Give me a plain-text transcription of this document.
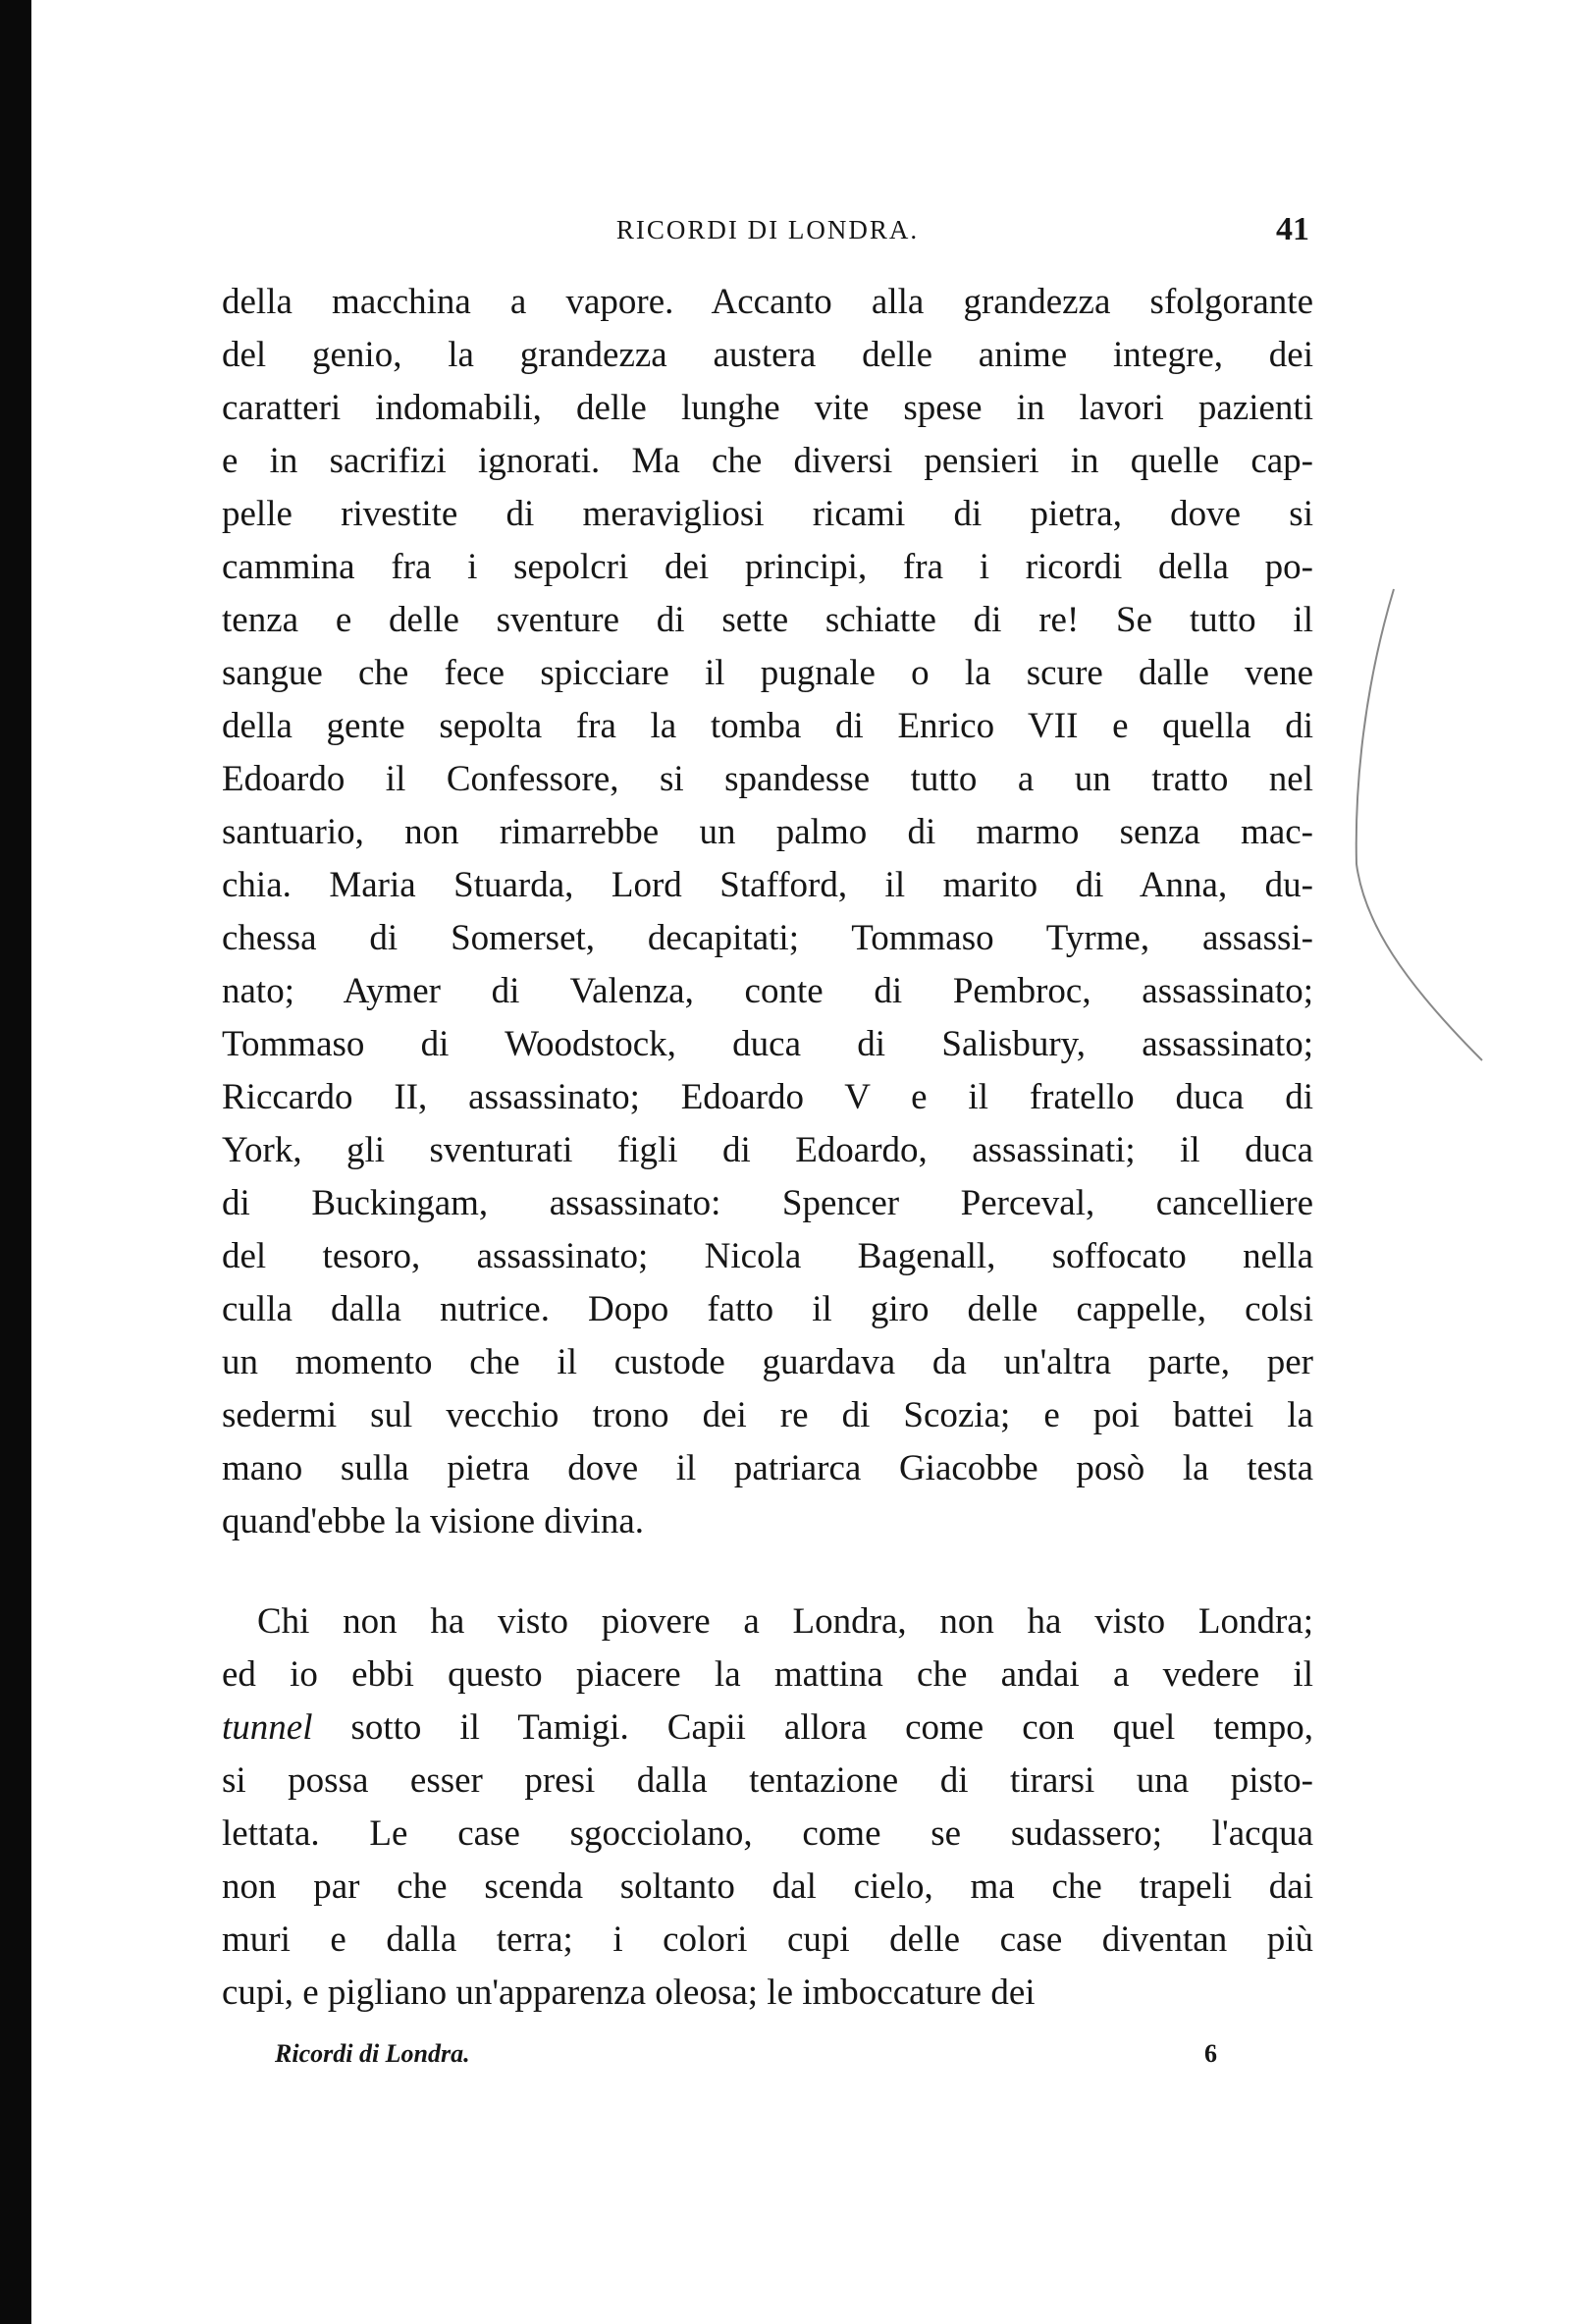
RICORDI DI LONDRA.	41
della macchina a vapore. Accanto alla grandezza sfolgorante
del genio, la grandezza austera delle anime integre, dei
caratteri indomabili, delle lunghe vite spese in lavori pazienti
e in sacrifizi ignorati. Ma che diversi pensieri in quelle cap-
pelle rivestite di meravigliosi ricami di pietra, dove si
cammina fra i sepolcri dei principi, fra i ricordi della po-
tenza e delle sventure di sette schiatte di re! Se tutto il
sangue che fece spicciare il pugnale o la scure dalle vene
della gente sepolta fra la tomba di Enrico VII e quella di
Edoardo il Confessore, si spandesse tutto a un tratto nel
santuario, non rimarrebbe un palmo di marmo senza mac-
chia. Maria Stuarda, Lord Stafford, il marito di Anna, du-
chessa di Somerset, decapitati; Tommaso Tyrme, assassi-
nato; Aymer di Valenza, conte di Pembroc, assassinato;
Tommaso di Woodstock, duca di Salisbury, assassinato;
Riccardo II, assassinato; Edoardo V e il fratello duca di
York, gli sventurati figli di Edoardo, assassinati; il duca
di Buckingam, assassinato: Spencer Perceval, cancelliere
del tesoro, assassinato; Nicola Bagenall, soffocato nella
culla dalla nutrice. Dopo fatto il giro delle cappelle, colsi
un momento che il custode guardava da un'altra parte, per
sedermi sul vecchio trono dei re di Scozia; e poi battei la
mano sulla pietra dove il patriarca Giacobbe posò la testa
quand'ebbe la visione divina.
Chi non ha visto piovere a Londra, non ha visto Londra;
ed io ebbi questo piacere la mattina che andai a vedere il
tunnel sotto il Tamigi. Capii allora come con quel tempo,
si possa esser presi dalla tentazione di tirarsi una pisto-
lettata. Le case sgocciolano, come se sudassero; l'acqua
non par che scenda soltanto dal cielo, ma che trapeli dai
muri e dalla terra; i colori cupi delle case diventan più
cupi, e pigliano un'apparenza oleosa; le imboccature dei
Ricordi di Londra.	6
